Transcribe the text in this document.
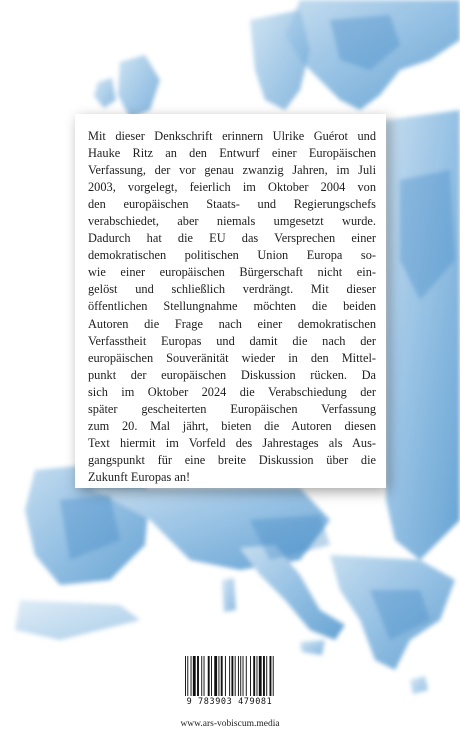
Mit dieser Denkschrift erinnern Ulrike Guérot und
Hauke Ritz an den Entwurf einer Europäischen
Verfassung, der vor genau zwanzig Jahren, im Juli
2003, vorgelegt, feierlich im Oktober 2004 von
den europäischen Staats- und Regierungschefs
verabschiedet, aber niemals umgesetzt wurde.
Dadurch hat die EU das Versprechen einer
demokratischen politischen Union Europa so-
wie einer europäischen Bürgerschaft nicht ein-
gelöst und schließlich verdrängt. Mit dieser
öffentlichen Stellungnahme möchten die beiden
Autoren die Frage nach einer demokratischen
Verfasstheit Europas und damit die nach der
europäischen Souveränität wieder in den Mittel-
punkt der europäischen Diskussion rücken. Da
sich im Oktober 2024 die Verabschiedung der
später gescheiterten Europäischen Verfassung
zum 20. Mal jährt, bieten die Autoren diesen
Text hiermit im Vorfeld des Jahrestages als Aus-
gangspunkt für eine breite Diskussion über die
Zukunft Europas an!

9 783903 479081
www.ars-vobiscum.media
